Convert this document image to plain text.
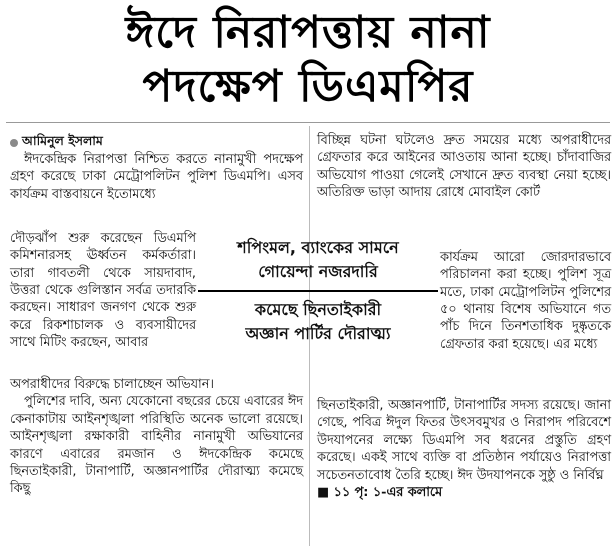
ঈদে নিরাপত্তায় নানা
পদক্ষেপ ডিএমপির
আমিনুল ইসলাম

ঈদকেন্দ্রিক নিরাপত্তা নিশ্চিত করতে নানামুখী পদক্ষেপ গ্রহণ করেছে ঢাকা মেট্রোপলিটন পুলিশ ডিএমপি। এসব কার্যক্রম বাস্তবায়নে ইতোমধ্যে

দৌড়ঝাঁপ শুরু করেছেন ডিএমপি কমিশনারসহ ঊর্ধ্বতন কর্মকর্তারা। তারা গাবতলী থেকে সায়দাবাদ, উত্তরা থেকে গুলিস্তান সর্বত্র তদারকি করছেন। সাধারণ জনগণ থেকে শুরু করে রিকশাচালক ও ব্যবসায়ীদের সাথে মিটিং করছেন, আবার

অপরাধীদের বিরুদ্ধে চালাচ্ছেন অভিযান।

পুলিশের দাবি, অন্য যেকোনো বছরের চেয়ে এবারের ঈদ কেনাকাটায় আইনশৃঙ্খলা পরিস্থিতি অনেক ভালো রয়েছে। আইনশৃঙ্খলা রক্ষাকারী বাহিনীর নানামুখী অভিযানের কারণে এবারের রমজান ও ঈদকেন্দ্রিক কমেছে ছিনতাইকারী, টানাপার্টি, অজ্ঞানপার্টির দৌরাত্ম্য কমেছে কিছু

বিচ্ছিন্ন ঘটনা ঘটলেও দ্রুত সময়ের মধ্যে অপরাধীদের গ্রেফতার করে আইনের আওতায় আনা হচ্ছে। চাঁদাবাজির অভিযোগ পাওয়া গেলেই সেখানে দ্রুত ব্যবস্থা নেয়া হচ্ছে। অতিরিক্ত ভাড়া আদায় রোধে মোবাইল কোর্ট

কার্যক্রম আরো জোরদারভাবে পরিচালনা করা হচ্ছে। পুলিশ সূত্র মতে, ঢাকা মেট্রোপলিটন পুলিশের ৫০ থানায় বিশেষ অভিযানে গত পাঁচ দিনে তিনশতাধিক দুষ্কৃতকে গ্রেফতার করা হয়েছে। এর মধ্যে

শপিংমল, ব্যাংকের সামনে
গোয়েন্দা নজরদারি
কমেছে ছিনতাইকারী
অজ্ঞান পার্টির দৌরাত্ম্য

ছিনতাইকারী, অজ্ঞানপার্টি, টানাপার্টির সদস্য রয়েছে। জানা গেছে, পবিত্র ঈদুল ফিতর উৎসবমুখর ও নিরাপদ পরিবেশে উদযাপনের লক্ষ্যে ডিএমপি সব ধরনের প্রস্তুতি গ্রহণ করেছে। একই সাথে ব্যক্তি বা প্রতিষ্ঠান পর্যায়েও নিরাপত্তা সচেতনতাবোধ তৈরি হচ্ছে। ঈদ উদযাপনকে সুষ্ঠু ও নির্বিঘ্ন

■ ১১ পৃ: ১-এর কলামে
